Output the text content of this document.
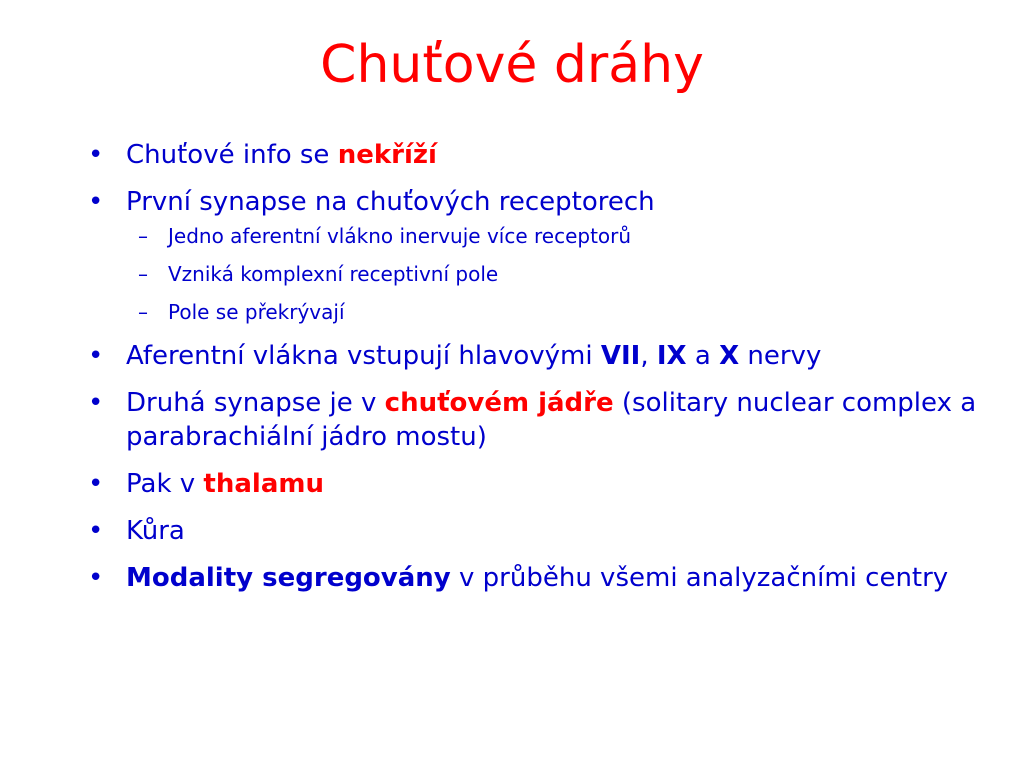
Chuťové dráhy
• Chuťové info se nekříží
• První synapse na chuťových receptorech
– Jedno aferentní vlákno inervuje více receptorů
– Vzniká komplexní receptivní pole
– Pole se překrývají
• Aferentní vlákna vstupují hlavovými VII, IX a X nervy
• Druhá synapse je v chuťovém jádře (solitary nuclear complex a parabrachiální jádro mostu)
• Pak v thalamu
• Kůra
• Modality segregovány v průběhu všemi analyzačními centry
